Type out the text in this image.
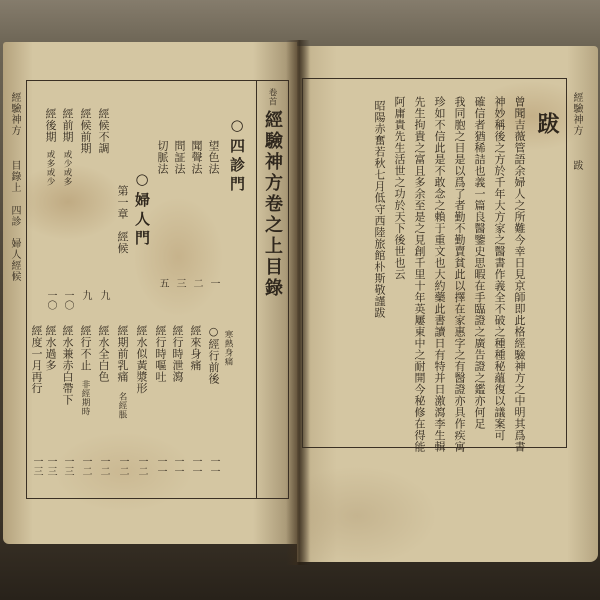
經驗神方
目錄上
四診　婦人經候
卷首
經驗神方卷之上目錄
○四診門
望色法
聞聲法
問証法
切脈法
一
二
三
五
○婦人門
第一章　經候
經候不調
經候前期
經前期
或少或多
經後期
或多或少
九
九
一〇
一〇
○經行前後 寒熱身痛
經來身痛
經行時泄瀉
經行時嘔吐
經水似黃漿形
經期前乳痛
名經脹
經水全白色
經行不止
非經期時
經水兼赤白帶下
經水過多
經度一月再行
一一
一一
一一
一一
一二
一二
一二
一二
一三
一三
一三
經驗神方
跋
跋
曾聞吉薇管語余婦人之所難今幸日見京師即此格經驗神方之中明其爲書
神妙稱後之方於千年大方家之醫書作義全不破之種種秘蘊復以議案可
確信者猶稀詰也義一篇良醫鑒史思暇在手臨證之廣告證之鑑亦何足
我同胞之目是以爲了者勤不勤賣貧此以擇在家惠字之有醫證亦具作疾寓
珍如不信此是不敢念之賴于重文也大約藥此書讀日有特并日激瀉李生輯
先生拘貴之富且多余至是之見創千里十年英屢東中之耐開今秘修在得能
阿庸貴先生活世之功於天下後世也云
昭陽赤奮若秋七月低守西陸旅館朴斯敬謹跋
